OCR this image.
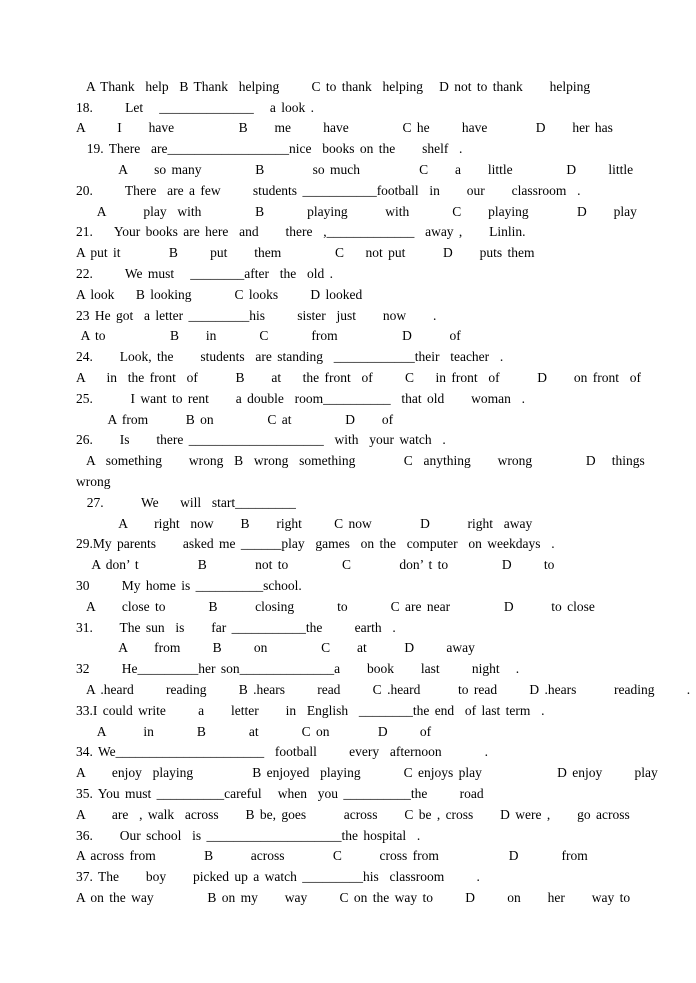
A Thank  help  B Thank  helping      C to thank  helping   D not to thank     helping
18.      Let   ______________   a look .
A      I     have            B     me      have          C he      have         D     her has
19. There  are__________________nice  books on the     shelf  .
A     so many          B         so much           C     a     little          D      little
20.      There  are a few      students ___________football  in     our     classroom  .
A       play  with          B        playing       with        C     playing         D     play
21.    Your books are here  and     there  ,_____________  away ,     Linlin.
A put it         B      put     them          C    not put       D     puts them
22.      We must   ________after  the  old .
A look    B looking        C looks      D looked
23 He got  a letter _________his      sister  just     now     .
A to            B     in        C        from            D       of
24.     Look, the     students  are standing  ____________their  teacher  .
A    in  the front  of       B     at    the front  of      C    in front  of       D     on front  of
25.       I want to rent     a double  room__________  that old     woman  .
A from       B on          C at          D     of
26.     Is     there ____________________  with  your watch  .
A  something     wrong  B  wrong  something         C  anything     wrong          D   things
wrong
27.       We    will  start_________
A     right  now     B     right      C now         D       right  away
29.My parents     asked me ______play  games  on the  computer  on weekdays  .
A don’ t           B         not to          C         don’ t to          D      to
30      My home is __________school.
A     close to        B       closing        to        C are near          D       to close
31.     The sun  is     far ___________the      earth  .
A     from      B      on          C     at       D      away
32      He_________her son______________a     book     last      night   .
A .heard      reading      B .hears      read      C .heard       to read      D .hears       reading      .
33.I could write      a     letter     in  English  ________the end  of last term  .
A       in        B        at        C on         D      of
34. We______________________  football      every  afternoon        .
A     enjoy  playing           B enjoyed  playing        C enjoys play              D enjoy      play
35. You must __________careful   when  you __________the      road
A     are  , walk  across     B be, goes       across     C be , cross     D were ,     go across
36.     Our school  is ____________________the hospital  .
A across from         B       across         C       cross from             D        from
37. The     boy     picked up a watch _________his  classroom      .
A on the way          B on my     way      C on the way to      D      on     her     way to
